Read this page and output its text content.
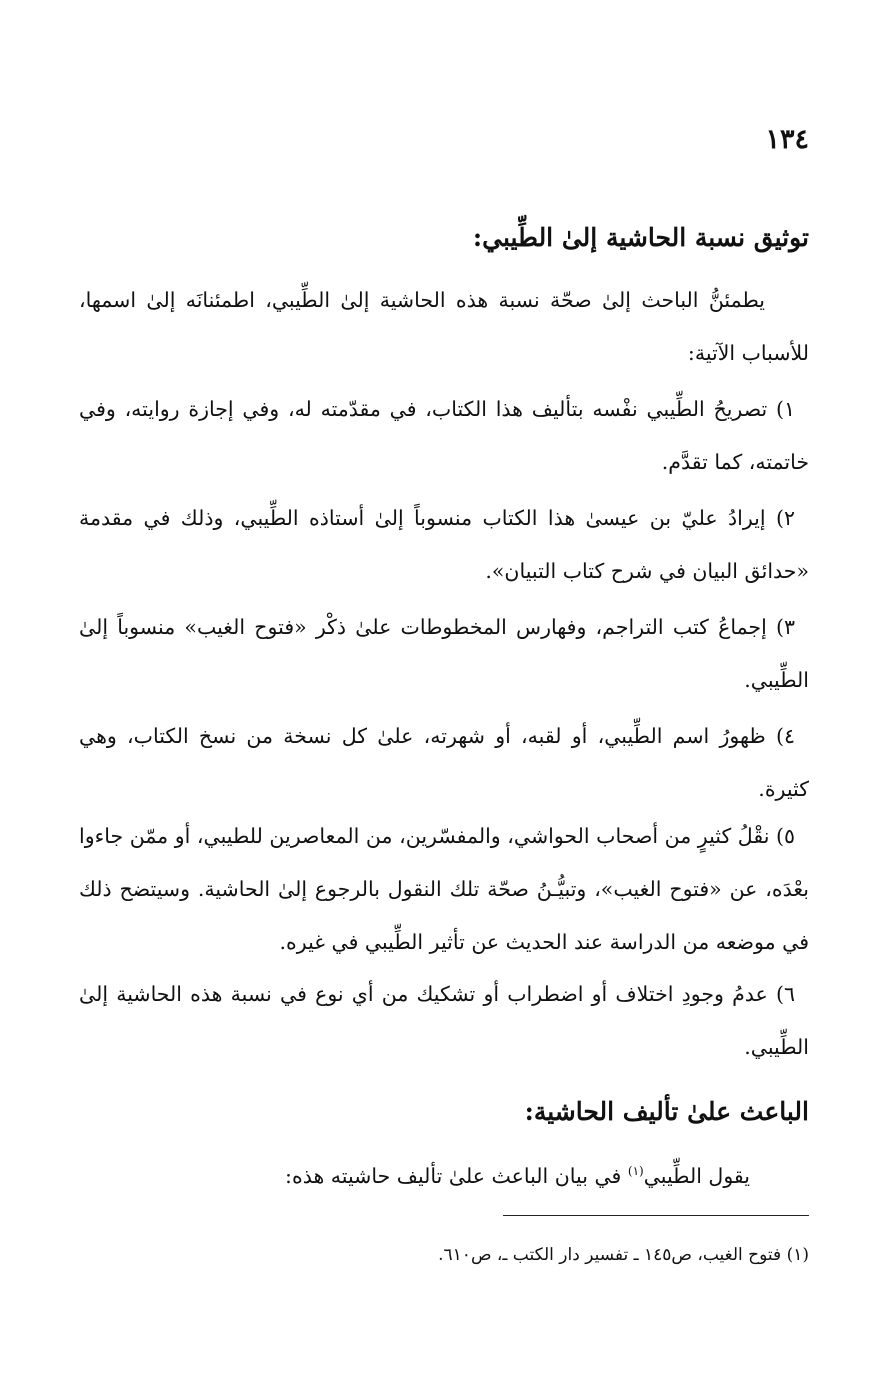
١٣٤
توثيق نسبة الحاشية إلىٰ الطِّيبي:

يطمئنُّ الباحث إلىٰ صحّة نسبة هذه الحاشية إلىٰ الطِّيبي، اطمئنانَه إلىٰ اسمها، للأسباب الآتية:

١) تصريحُ الطِّيبي نفْسه بتأليف هذا الكتاب، في مقدّمته له، وفي إجازة روايته، وفي خاتمته، كما تقدَّم.

٢) إيرادُ عليّ بن عيسىٰ هذا الكتاب منسوباً إلىٰ أستاذه الطِّيبي، وذلك في مقدمة «حدائق البيان في شرح كتاب التبيان».

٣) إجماعُ كتب التراجم، وفهارس المخطوطات علىٰ ذكْر «فتوح الغيب» منسوباً إلىٰ الطِّيبي.

٤) ظهورُ اسم الطِّيبي، أو لقبه، أو شهرته، علىٰ كل نسخة من نسخ الكتاب، وهي كثيرة.

٥) نقْلُ كثيرٍ من أصحاب الحواشي، والمفسّرين، من المعاصرين للطيبي، أو ممّن جاءوا بعْدَه، عن «فتوح الغيب»، وتبيُّـنُ صحّة تلك النقول بالرجوع إلىٰ الحاشية. وسيتضح ذلك في موضعه من الدراسة عند الحديث عن تأثير الطِّيبي في غيره.

٦) عدمُ وجودِ اختلاف أو اضطراب أو تشكيك من أي نوع في نسبة هذه الحاشية إلىٰ الطِّيبي.

الباعث علىٰ تأليف الحاشية:
يقول الطِّيبي$^{(١)}$ في بيان الباعث علىٰ تأليف حاشيته هذه:
(١) فتوح الغيب، ص١٤٥ ـ تفسير دار الكتب ـ، ص٦١٠.
